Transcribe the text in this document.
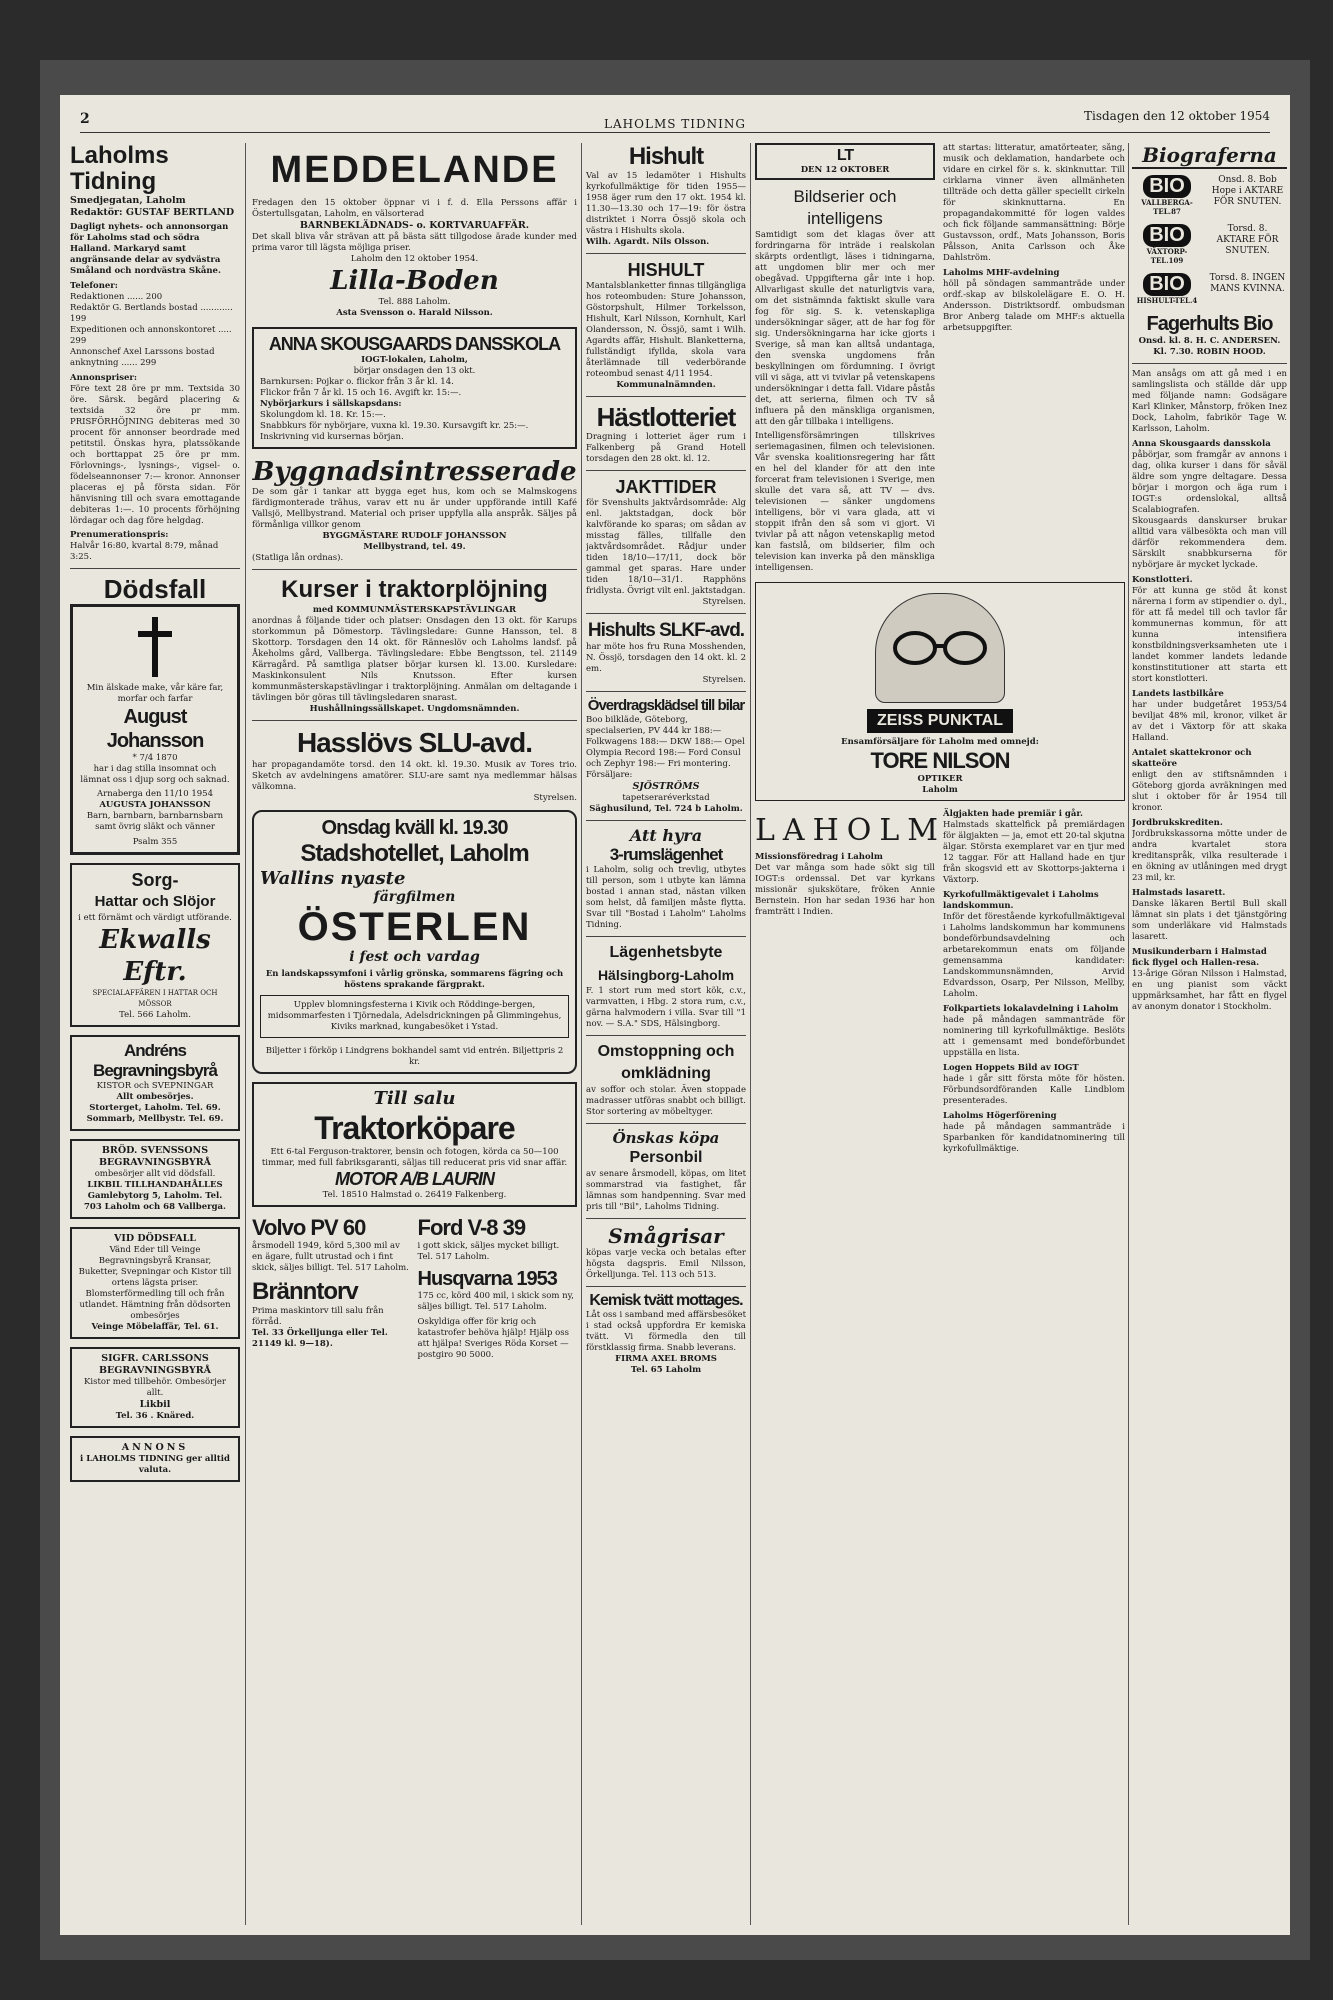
2	LAHOLMS TIDNING
Tisdagen den 12 oktober 1954
Laholms Tidning
Smedjegatan, Laholm
Redaktör: GUSTAF BERTLAND
Dagligt nyhets- och annonsorgan för Laholms stad och södra Halland. Markaryd samt angränsande delar av sydvästra Småland och nordvästra Skåne.
Telefoner:
Redaktionen ...... 200
Redaktör G. Bertlands bostad ............ 199
Expeditionen och annonskontoret ..... 299
Annonschef Axel Larssons bostad anknytning ...... 299
Annonspriser:
Före text 28 öre pr mm. Textsida 30 öre. Särsk. begärd placering & textsida 32 öre pr mm. PRISFÖRHÖJNING debiteras med 30 procent för annonser beordrade med petitstil. Önskas hyra, platssökande och borttappat 25 öre pr mm. Förlovnings-, lysnings-, vigsel- o. födelseannonser 7:— kronor. Annonser placeras ej på första sidan. För hänvisning till och svara emottagande debiteras 1:—. 10 procents förhöjning lördagar och dag före helgdag.
Prenumerationspris:
Halvår 16:80, kvartal 8:79, månad 3:25.
Dödsfall
Min älskade make, vår käre far, morfar och farfar
August Johansson
* 7/4 1870
har i dag stilla insomnat och lämnat oss i djup sorg och saknad.
Arnaberga den 11/10 1954
AUGUSTA JOHANSSON
Barn, barnbarn, barnbarnsbarn
samt övrig släkt och vänner
Psalm 355
Sorg-
Hattar och Slöjor
i ett förnämt och värdigt utförande.
Ekwalls Eftr.
SPECIALAFFÄREN I HATTAR OCH MÖSSOR
Tel. 566 Laholm.
Andréns Begravningsbyrå
KISTOR och SVEPNINGAR
Allt ombesörjes.
Storterget, Laholm. Tel. 69. Sommarb, Mellbystr. Tel. 69.
BRÖD. SVENSSONS BEGRAVNINGSBYRÅ
ombesörjer allt vid dödsfall.
LIKBIL TILLHANDAHÅLLES
Gamlebytorg 5, Laholm. Tel. 703 Laholm och 68 Vallberga.
VID DÖDSFALL
Vänd Eder till Veinge Begravningsbyrå Kransar, Buketter, Svepningar och Kistor till ortens lägsta priser. Blomsterförmedling till och från utlandet. Hämtning från dödsorten ombesörjes
Veinge Möbelaffär, Tel. 61.
SIGFR. CARLSSONS BEGRAVNINGSBYRÅ
Kistor med tillbehör. Ombesörjer allt.
Likbil
Tel. 36 . Knäred.
ANNONS
i LAHOLMS TIDNING ger alltid valuta.
MEDDELANDE
Fredagen den 15 oktober öppnar vi i f. d. Ella Perssons affär i Östertullsgatan, Laholm, en välsorterad
BARNBEKLÄDNADS- o. KORTVARUAFFÄR.
Det skall bliva vår strävan att på bästa sätt tillgodose ärade kunder med prima varor till lägsta möjliga priser.
Laholm den 12 oktober 1954.
Lilla-Boden
Tel. 888 Laholm.
Asta Svensson o. Harald Nilsson.
ANNA SKOUSGAARDS DANSSKOLA
IOGT-lokalen, Laholm,
börjar onsdagen den 13 okt.
Barnkursen: Pojkar o. flickor från 3 år kl. 14.
Flickor från 7 år kl. 15 och 16. Avgift kr. 15:—.
Nybörjarkurs i sällskapsdans:
Skolungdom kl. 18. Kr. 15:—.
Snabbkurs för nybörjare, vuxna kl. 19.30. Kursavgift kr. 25:—. Inskrivning vid kursernas början.
Byggnadsintresserade
De som går i tankar att bygga eget hus, kom och se Malmskogens färdigmonterade trähus, varav ett nu är under uppförande intill Kafé Vallsjö, Mellbystrand. Material och priser uppfylla alla anspråk. Säljes på förmånliga villkor genom
BYGGMÄSTARE RUDOLF JOHANSSON
Mellbystrand, tel. 49.
(Statliga lån ordnas).
Kurser i traktorplöjning
med KOMMUNMÄSTERSKAPSTÄVLINGAR
anordnas å följande tider och platser: Onsdagen den 13 okt. för Karups storkommun på Dömestorp. Tävlingsledare: Gunne Hansson, tel. 8 Skottorp. Torsdagen den 14 okt. för Ränneslöv och Laholms landsf. på Åkeholms gård, Vallberga. Tävlingsledare: Ebbe Bengtsson, tel. 21149 Kärragård. På samtliga platser börjar kursen kl. 13.00. Kursledare: Maskinkonsulent Nils Knutsson. Efter kursen kommunmästerskapstävlingar i traktorplöjning. Anmälan om deltagande i tävlingen bör göras till tävlingsledaren snarast.
Hushållningssällskapet. Ungdomsnämnden.
Hasslövs SLU-avd.
har propagandamöte torsd. den 14 okt. kl. 19.30. Musik av Tores trio. Sketch av avdelningens amatörer. SLU-are samt nya medlemmar hälsas välkomna.
Styrelsen.
Onsdag kväll kl. 19.30
Stadshotellet, Laholm
Wallins nyaste
färgfilmen
ÖSTERLEN
i fest och vardag
En landskapssymfoni i vårlig grönska, sommarens fägring och höstens sprakande färgprakt.
Upplev blomningsfesterna i Kivik och Röddinge-bergen, midsommarfesten i Tjörnedala, Adelsdrickningen på Glimmingehus, Kiviks marknad, kungabesöket i Ystad.
Biljetter i förköp i Lindgrens bokhandel samt vid entrén. Biljettpris 2 kr.
Till salu
Traktorköpare
Ett 6-tal Ferguson-traktorer, bensin och fotogen, körda ca 50—100 timmar, med full fabriksgaranti, säljas till reducerat pris vid snar affär.
MOTOR A/B LAURIN
Tel. 18510 Halmstad o. 26419 Falkenberg.
Volvo PV 60
årsmodell 1949, körd 5,300 mil av en ägare, fullt utrustad och i fint skick, säljes billigt. Tel. 517 Laholm.
Bränntorv
Prima maskintorv till salu från förråd.
Tel. 33 Örkelljunga eller Tel. 21149 kl. 9—18).
Ford V-8 39
i gott skick, säljes mycket billigt. Tel. 517 Laholm.
Husqvarna 1953
175 cc, körd 400 mil, i skick som ny, säljes billigt. Tel. 517 Laholm.
Oskyldiga offer för krig och katastrofer behöva hjälp! Hjälp oss att hjälpa! Sveriges Röda Korset — postgiro 90 5000.
Hishult
Val av 15 ledamöter i Hishults kyrkofullmäktige för tiden 1955—1958 äger rum den 17 okt. 1954 kl. 11.30—13.30 och 17—19: för östra distriktet i Norra Össjö skola och västra i Hishults skola.
Wilh. Agardt. Nils Olsson.
HISHULT
Mantalsblanketter finnas tillgängliga hos roteombuden: Sture Johansson, Göstorpshult, Hilmer Torkelsson, Hishult, Karl Nilsson, Kornhult, Karl Olandersson, N. Össjö, samt i Wilh. Agardts affär, Hishult. Blanketterna, fullständigt ifyllda, skola vara återlämnade till vederbörande roteombud senast 4/11 1954.
Kommunalnämnden.
Hästlotteriet
Dragning i lotteriet äger rum i Falkenberg på Grand Hotell torsdagen den 28 okt. kl. 12.
JAKTTIDER
för Svenshults jaktvårdsområde: Alg enl. jaktstadgan, dock bör kalvförande ko sparas; om sådan av misstag fälles, tillfalle den jaktvårdsområdet. Rådjur under tiden 18/10—17/11, dock bör gammal get sparas. Hare under tiden 18/10—31/1. Rapphöns fridlysta. Övrigt vilt enl. jaktstadgan.
Styrelsen.
Hishults SLKF-avd.
har möte hos fru Runa Mosshenden, N. Össjö, torsdagen den 14 okt. kl. 2 em.
Styrelsen.
Överdragsklädsel till bilar
Boo bilkläde, Göteborg, specialserien, PV 444 kr 188:— Folkwagens 188:— DKW 188:— Opel Olympia Record 198:— Ford Consul och Zephyr 198:— Fri montering. Försäljare:
SJÖSTRÖMS
tapetseraréverkstad
Säghusilund, Tel. 724 b Laholm.
Att hyra
3-rumslägenhet
i Laholm, solig och trevlig, utbytes till person, som i utbyte kan lämna bostad i annan stad, nästan vilken som helst, då familjen måste flytta. Svar till "Bostad i Laholm" Laholms Tidning.
Lägenhetsbyte
Hälsingborg-Laholm
F. 1 stort rum med stort kök, c.v., varmvatten, i Hbg. 2 stora rum, c.v., gärna halvmodern i villa. Svar till "1 nov. — S.A." SDS, Hälsingborg.
Omstoppning och omklädning
av soffor och stolar. Även stoppade madrasser utföras snabbt och billigt. Stor sortering av möbeltyger.
Önskas köpa
Personbil
av senare årsmodell, köpas, om litet sommarstrad via fastighet, får lämnas som handpenning. Svar med pris till "Bil", Laholms Tidning.
Smågrisar
köpas varje vecka och betalas efter högsta dagspris. Emil Nilsson, Örkelljunga. Tel. 113 och 513.
Kemisk tvätt mottages.
Låt oss i samband med affärsbesöket i stad också uppfordra Er kemiska tvätt. Vi förmedla den till förstklassig firma. Snabb leverans.
FIRMA AXEL BROMS
Tel. 65 Laholm
LT
DEN 12 OKTOBER
Bildserier och intelligens
Samtidigt som det klagas över att fordringarna för inträde i realskolan skärpts ordentligt, läses i tidningarna, att ungdomen blir mer och mer obegåvad. Uppgifterna går inte i hop. Allvarligast skulle det naturligtvis vara, om det sistnämnda faktiskt skulle vara fog för sig. S. k. vetenskapliga undersökningar säger, att de har fog för sig. Undersökningarna har icke gjorts i Sverige, så man kan alltså undantaga, den svenska ungdomens från beskyllningen om fördumning. I övrigt vill vi säga, att vi tvivlar på vetenskapens undersökningar i detta fall. Vidare påstås det, att serierna, filmen och TV så influera på den mänskliga organismen, att den går tillbaka i intelligens.
Intelligensförsämringen tillskrives seriemagasinen, filmen och televisionen. Vår svenska koalitionsregering har fått en hel del klander för att den inte forcerat fram televisionen i Sverige, men skulle det vara så, att TV — dvs. televisionen — sänker ungdomens intelligens, bör vi vara glada, att vi stoppit ifrån den så som vi gjort. Vi tvivlar på att någon vetenskaplig metod kan fastslå, om bildserier, film och television kan inverka på den mänskliga intelligensen.
att startas: litteratur, amatörteater, sång, musik och deklamation, handarbete och vidare en cirkel för s. k. skinknuttar. Till cirklarna vinner även allmänheten tillträde och detta gäller speciellt cirkeln för skinknuttarna. En propagandakommitté för logen valdes och fick följande sammansättning: Börje Gustavsson, ordf., Mats Johansson, Boris Pålsson, Anita Carlsson och Åke Dahlström.
Laholms MHF-avdelning
höll på söndagen sammanträde under ordf.-skap av bilskolelägare E. O. H. Andersson. Distriktsordf. ombudsman Bror Anberg talade om MHF:s aktuella arbetsuppgifter.
ZEISS PUNKTAL
Ensamförsäljare för Laholm med omnejd:
TORE NILSON
OPTIKER
Laholm
LAHOLM
Missionsföredrag i Laholm
Det var många som hade sökt sig till IOGT:s ordenssal. Det var kyrkans missionär sjukskötare, fröken Annie Bernstein. Hon har sedan 1936 har hon framträtt i Indien.
Älgjakten hade premiär i går.
Halmstads skattelfick på premiärdagen för älgjakten — ja, emot ett 20-tal skjutna älgar. Största exemplaret var en tjur med 12 taggar. För att Halland hade en tjur från skogsvid ett av Skottorps-jakterna i Växtorp.
Kyrkofullmäktigevalet i Laholms landskommun.
Inför det förestående kyrkofullmäktigeval i Laholms landskommun har kommunens bondeförbundsavdelning och arbetarekommun enats om följande gemensamma kandidater: Landskommunsnämnden, Arvid Edvardsson, Osarp, Per Nilsson, Mellby, Laholm.
Folkpartiets lokalavdelning i Laholm
hade på måndagen sammanträde för nominering till kyrkofullmäktige. Beslöts att i gemensamt med bondeförbundet uppställa en lista.
Logen Hoppets Bild av IOGT
hade i går sitt första möte för hösten. Förbundsordföranden Kalle Lindblom presenterades.
Laholms Högerförening
hade på måndagen sammanträde i Sparbanken för kandidatnominering till kyrkofullmäktige.
Biograferna
BIO
VALLBERGA-TEL.87
Onsd. 8. Bob Hope i AKTARE FÖR SNUTEN.
BIO
VÄXTORP-TEL.109
Torsd. 8. AKTARE FÖR SNUTEN.
BIO
HISHULT-TEL.4
Torsd. 8. INGEN MANS KVINNA.
Fagerhults Bio
Onsd. kl. 8. H. C. ANDERSEN. Kl. 7.30. ROBIN HOOD.
Man ansågs om att gå med i en samlingslista och ställde där upp med följande namn: Godsägare Karl Klinker, Månstorp, fröken Inez Dock, Laholm, fabrikör Tage W. Karlsson, Laholm.
Anna Skousgaards dansskola
påbörjar, som framgår av annons i dag, olika kurser i dans för såväl äldre som yngre deltagare. Dessa börjar i morgon och äga rum i IOGT:s ordenslokal, alltså Scalabiografen.
Skousgaards danskurser brukar alltid vara välbesökta och man vill därför rekommendera dem. Särskilt snabbkurserna för nybörjare är mycket lyckade.
Konstlotteri.
För att kunna ge stöd åt konst närerna i form av stipendier o. dyl., för att få medel till och tavlor får kommunernas kommun, för att kunna intensifiera konstbildningsverksamheten ute i landet kommer landets ledande konstinstitutioner att starta ett stort konstlotteri.
Landets lastbilkåre
har under budgetåret 1953/54 beviljat 48% mil, kronor, vilket är av det i Växtorp för att skaka Halland.
Antalet skattekronor och skatteöre
enligt den av stiftsnämnden i Göteborg gjorda avräkningen med slut i oktober för år 1954 till kronor.
Jordbrukskrediten.
Jordbrukskassorna mötte under de andra kvartalet stora kreditanspråk, vilka resulterade i en ökning av utlåningen med drygt 23 mil, kr.
Halmstads lasarett.
Danske läkaren Bertil Bull skall lämnat sin plats i det tjänstgöring som underläkare vid Halmstads lasarett.
Musikunderbarn i Halmstad fick flygel och Hallen-resa.
13-årige Göran Nilsson i Halmstad, en ung pianist som väckt uppmärksamhet, har fått en flygel av anonym donator i Stockholm.
